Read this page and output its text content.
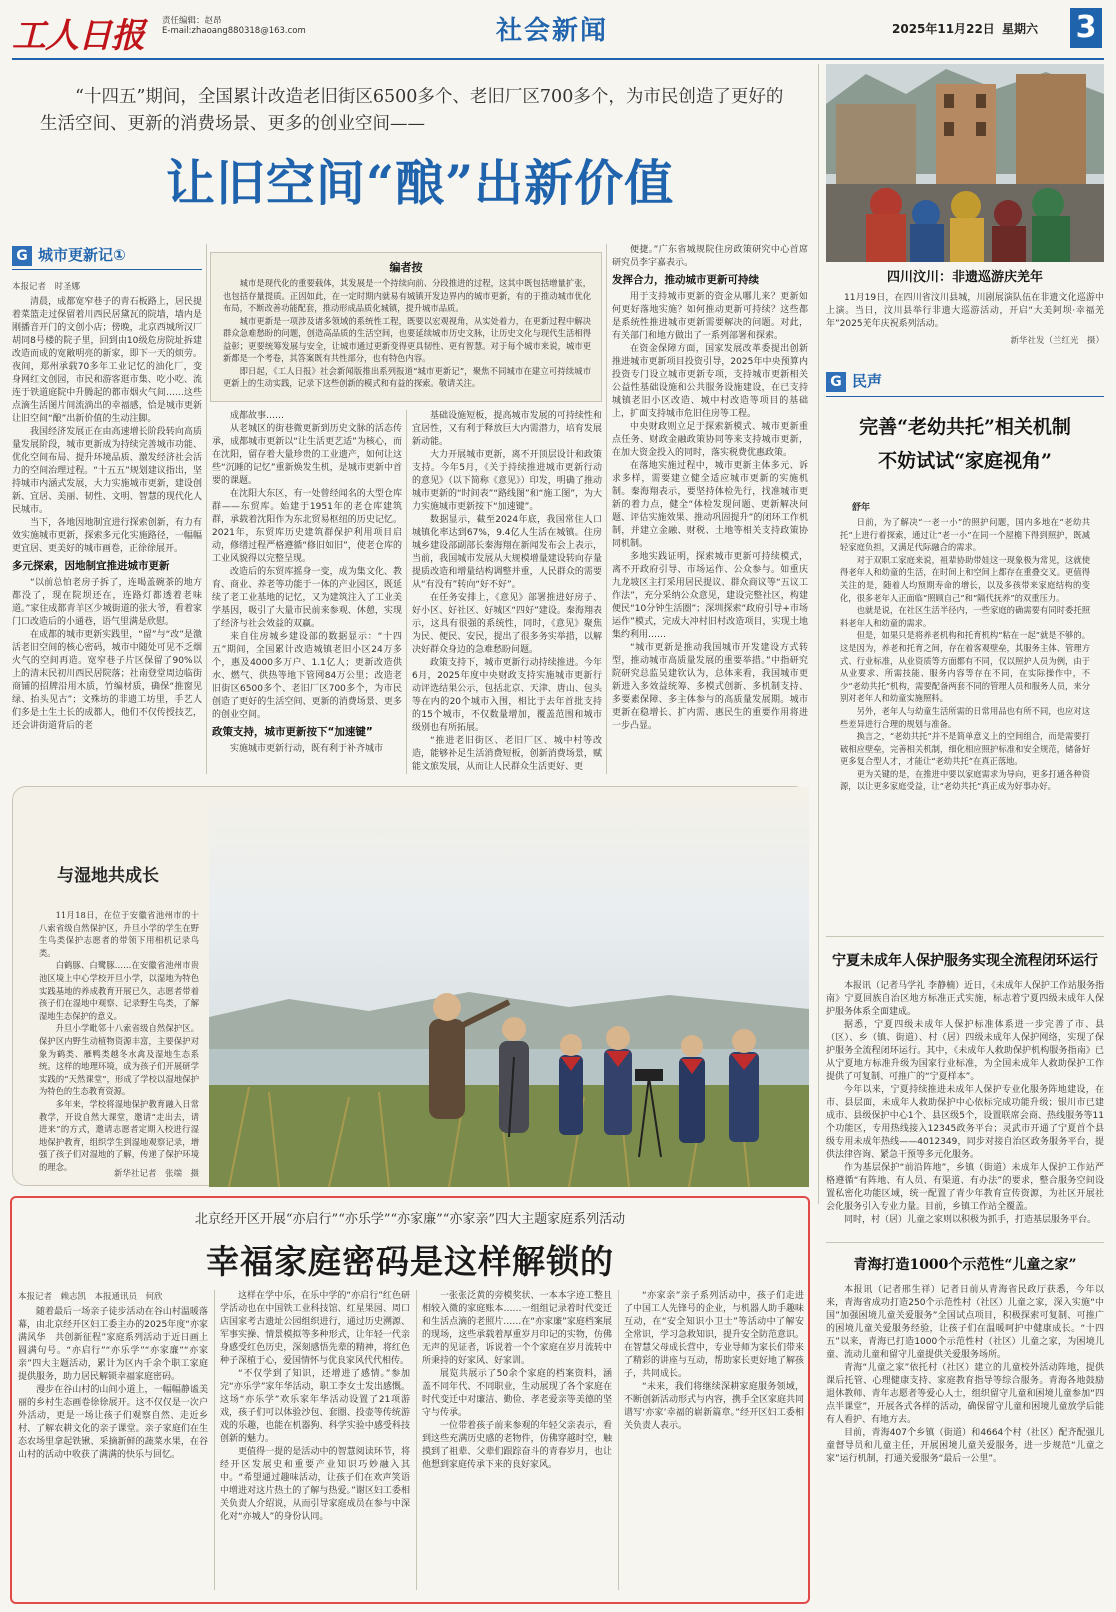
工人日报 责任编辑：赵昂
E-mail:zhaoang880318@163.com	社会新闻	2025年11月22日 星期六 3
“十四五”期间，全国累计改造老旧街区6500多个、老旧厂区700多个，为市民创造了更好的生活空间、更新的消费场景、更多的创业空间——
让旧空间“酿”出新价值
G 城市更新记①
编者按

城市是现代化的重要载体，其发展是一个持续向前、分段推进的过程，这其中既包括增量扩张，也包括存量提质。正因如此，在一定时期内就易有城镇开发边界内的城市更新，有的于推动城市优化布局，不断改善功能配套，推动形成品质化城镇，提升城市品质。

城市更新是一项涉及诸多领域的系统性工程，既要以宏观视角，从实处着力，在更新过程中解决群众急难愁盼的问题，创造高品质的生活空间，也要延续城市历史文脉，让历史文化与现代生活相得益彰；更要统筹发展与安全，让城市通过更新变得更具韧性、更有智慧。对于每个城市来说，城市更新都是一个考卷，其答案既有共性部分，也有特色内容。

即日起，《工人日报》社会新闻版推出系列报道“城市更新记”，聚焦不同城市在建立可持续城市更新上的生动实践，记录下这些创新的模式和有益的探索。敬请关注。

本报记者　时圣娜

清晨，成都宽窄巷子的青石板路上，居民提着菜篮走过保留着川西民居黛瓦的院墙，墙内是刚播音开门的文创小店；傍晚，北京西城所汉厂胡同8号楼的院子里，回到由10级危房院址拆建改造而成的宽敞明亮的新家，即下一天的烦劳。夜间，郑州承载70多年工业记忆的油化厂，变身网红文创园，市民和游客逛市集、吃小吃、流连于铁道庭院中升腾起的都市烟火气间……这些点滴生活图片间流淌出的幸福感，恰是城市更新让旧空间“酿”出新价值的生动注脚。

我国经济发展正在由高速增长阶段转向高质量发展阶段，城市更新成为持续完善城市功能、优化空间布局、提升环境品质、激发经济社会活力的空间治理过程。“十五五”规划建议指出，坚持城市内涵式发展，大力实施城市更新，建设创新、宜居、美丽、韧性、文明、智慧的现代化人民城市。

当下，各地因地制宜进行探索创新，有力有效实施城市更新，探索多元化实施路径，一幅幅更宜居、更美好的城市画卷，正徐徐展开。

多元探索，因地制宜推进城市更新

“以前总怕老房子拆了，连喝盖碗茶的地方都没了，现在院坝还在，连路灯都透着老味道。”家住成都青羊区少城街道的张大爷，看着家门口改造后的小通巷，语气里满是欣慰。

在成都的城市更新实践里，“留”与“改”是激活老旧空间的核心密码，城市中随处可见不乏烟火气的空间再造。宽窄巷子片区保留了90%以上的清末民初川西民居院落；社南登堂周边临街商铺的招牌沿用木质，竹编材质，确保“推窗见绿、抬头见古”；文殊坊的非遗工坊里，手艺人们多是土生土长的成都人，他们不仅传授技艺，还会讲街道背后的老

成都故事……

从老城区的街巷微更新到历史文脉的活态传承，成都城市更新以“让生活更艺适”为核心，而在沈阳，留存着大量珍贵的工业遗产，如何让这些“沉睡的记忆”重新焕发生机，是城市更新中首要的课题。

在沈阳大东区，有一处曾经闻名的大型仓库群——东贸库。始建于1951年的老仓库建筑群，承载着沈阳作为东北贸易枢纽的历史记忆。2021年，东贸库历史建筑群保护利用项目启动，修缮过程严格遵循“修旧如旧”，使老仓库的工业风貌得以完整呈现。

改造后的东贸库摇身一变，成为集文化、教育、商业、养老等功能于一体的产业园区，既延续了老工业基地的记忆，又为建筑注入了工业美学基因，吸引了大量市民前来参观、休憩，实现了经济与社会效益的双赢。

来自住房城乡建设部的数据显示：“十四五”期间，全国累计改造城镇老旧小区24万多个，惠及4000多万户、1.1亿人；更新改造供水、燃气、供热等地下管网84万公里；改造老旧街区6500多个、老旧厂区700多个，为市民创造了更好的生活空间、更新的消费场景、更多的创业空间。

政策支持，城市更新按下“加速键”

实施城市更新行动，既有利于补齐城市

基础设施短板，提高城市发展的可持续性和宜居性，又有利于释放巨大内需潜力，培育发展新动能。

大力开展城市更新，离不开顶层设计和政策支持。今年5月，《关于持续推进城市更新行动的意见》（以下简称《意见》）印发，明确了推动城市更新的“时间表”“路线图”和“施工图”，为大力实施城市更新按下“加速键”。

数据显示，截至2024年底，我国常住人口城镇化率达到67%，9.4亿人生活在城镇。住房城乡建设部副部长秦海翔在新闻发布会上表示，当前，我国城市发展从大规模增量建设转向存量提质改造和增量结构调整并重，人民群众的需要从“有没有”转向“好不好”。

在任务安排上，《意见》部署推进好房子、好小区、好社区、好城区“四好”建设。秦海翔表示，这具有很强的系统性，同时，《意见》聚焦为民、便民、安民，提出了很多务实举措，以解决好群众身边的急难愁盼问题。

政策支持下，城市更新行动持续推进。今年6月，2025年度中央财政支持实施城市更新行动评选结果公示，包括北京、天津、唐山、包头等在内的20个城市入围，相比于去年首批支持的15个城市，不仅数量增加，覆盖范围和城市级别也有所拓展。

“推进老旧街区、老旧厂区、城中村等改造，能够补足生活消费短板，创新消费场景，赋能文旅发展，从而让人民群众生活更好、更

便捷。”广东省城规院住房政策研究中心首席研究员李宇嘉表示。

发挥合力，推动城市更新可持续

用于支持城市更新的资金从哪儿来？更新如何更好落地实施？如何推动更新可持续？这些都是系统性推进城市更新需要解决的问题。对此，有关部门和地方做出了一系列部署和探索。

在资金保障方面，国家发展改革委提出创新推进城市更新项目投资引导，2025年中央预算内投资专门设立城市更新专项，支持城市更新相关公益性基础设施和公共服务设施建设，在已支持城镇老旧小区改造、城中村改造等项目的基础上，扩面支持城市危旧住房等工程。

中央财政则立足于探索新模式、城市更新重点任务、财政金融政策协同等来支持城市更新，在加大资金投入的同时，落实税费优惠政策。

在落地实施过程中，城市更新主体多元、诉求多样，需要建立健全适应城市更新的实施机制。秦海翔表示，要坚持体检先行，找准城市更新的着力点，健全“体检发现问题、更新解决问题、评估实施效果、推动巩固提升”的闭环工作机制，并建立金融、财税、土地等相关支持政策协同机制。

多地实践证明，探索城市更新可持续模式，离不开政府引导、市场运作、公众参与。如重庆九龙坡区主打采用居民提议、群众商议等“五议工作法”，充分采纳公众意见，建设完整社区，构建便民“10分钟生活圈”；深圳探索“政府引导+市场运作”模式，完成大冲村旧村改造项目，实现土地集约利用……

“城市更新是推动我国城市开发建设方式转型，推动城市高质量发展的重要举措。”中指研究院研究总监吴建钦认为，总体来看，我国城市更新进入多效益统筹、多模式创新、多机制支持、多要素保障、多主体参与的高质量发展期。城市更新在稳增长、扩内需、惠民生的重要作用将进一步凸显。

四川汶川：非遗巡游庆羌年

11月19日，在四川省汶川县城，川剧展演队伍在非遗文化巡游中上演。当日，汶川县举行非遗大巡游活动，开启“大美阿坝·幸福羌年”2025羌年庆祝系列活动。

新华社发（兰红光　摄）
G 民声
完善“老幼共托”相关机制
不妨试试“家庭视角”
舒年

日前，为了解决“一老一小”的照护问题，国内多地在“老幼共托”上进行着探索，通过让“老一小”在同一个屋檐下得到照护，既减轻家庭负担，又满足代际融合的需求。

对于双职工家庭来说，祖辈协助带娃这一现象极为常见，这就使得老年人和幼童的生活，在时间上和空间上都存在重叠交叉。更值得关注的是，随着人均预期寿命的增长，以及多孩带来家庭结构的变化，很多老年人正面临“照顾自己”和“隔代抚养”的双重压力。

也就是说，在社区生活半径内，一些家庭的确需要有同时委托照料老年人和幼童的需求。

但是，如果只是将养老机构和托育机构“粘在一起”就是不够的。这是因为，养老和托育之间，存在着客观壁垒，其服务主体、管理方式、行业标准，从业资质等方面都有不同，仅以照护人员为例，由于从业要求、所需技能、服务内容等存在不同，在实际操作中，不少“老幼共托”机构，需要配备两套不同的管理人员和服务人员，来分别对老年人和幼童实施照料。

另外，老年人与幼童生活所需的日常用品也有所不同，也应对这些差异进行合理的规划与准备。

换言之，“老幼共托”并不是简单意义上的空间组合，而是需要打破相应壁垒，完善相关机制，细化相应照护标准和安全规范，储备好更多复合型人才，才能让“老幼共托”在真正落地。

更为关键的是，在推进中要以家庭需求为导向，更多打通各种资源，以让更多家庭受益，让“老幼共托”真正成为好事办好。

宁夏未成年人保护服务实现全流程闭环运行

本报讯（记者马学礼 李静楠）近日，《未成年人保护工作站服务指南》宁夏回族自治区地方标准正式实施，标志着宁夏四级未成年人保护服务体系全面建成。

据悉，宁夏四级未成年人保护标准体系进一步完善了市、县（区）、乡（镇、街道）、村（居）四级未成年人保护网络，实现了保护服务全流程闭环运行。其中，《未成年人救助保护机构服务指南》已从宁夏地方标准升级为国家行业标准，为全国未成年人救助保护工作提供了可复制、可推广的“宁夏样本”。

今年以来，宁夏持续推进未成年人保护专业化服务阵地建设，在市、县层面，未成年人救助保护中心依标完成功能升级；银川市已建成市、县级保护中心1个、县区级5个，设置联席会商、热线服务等11个功能区，专用热线接入12345政务平台；灵武市开通了宁夏首个县级专用未成年热线——4012349，同步对接自治区政务服务平台，提供法律咨询、紧急干预等多元化服务。

作为基层保护“前沿阵地”，乡镇（街道）未成年人保护工作站严格遵循“有阵地、有人员、有渠道、有办法”的要求，整合服务空间设置私密化功能区域，统一配置了青少年教育宣传资源，为社区开展社会化服务引入专业力量。目前，乡镇工作站全覆盖。

同时，村（居）儿童之家则以积极为抓手，打造基层服务平台。

青海打造1000个示范性“儿童之家”

本报讯（记者邢生祥）记者日前从青海省民政厅获悉，今年以来，青海省成功打造250个示范性村（社区）儿童之家，深入实施“中国”加强困境儿童关爱服务”全国试点项目，积极探索可复制、可推广的困境儿童关爱服务经验，让孩子们在温暖呵护中健康成长。“十四五”以来，青海已打造1000个示范性村（社区）儿童之家，为困境儿童、流动儿童和留守儿童提供关爱服务场所。

青海“儿童之家”依托村（社区）建立的儿童校外活动阵地，提供课后托管、心理健康支持、家庭教育指导等综合服务。青海各地鼓励退休教师、青年志愿者等爱心人士，组织留守儿童和困境儿童参加“四点半课堂”，开展各式各样的活动，确保留守儿童和困境儿童放学后能有人看护、有地方去。

目前，青海407个乡镇（街道）和4664个村（社区）配齐配强儿童督导员和儿童主任，开展困境儿童关爱服务，进一步规范“儿童之家”运行机制，打通关爱服务“最后一公里”。

与湿地共成长

11月18日，在位于安徽省池州市的十八索省级自然保护区，升旦小学的学生在野生鸟类保护志愿者的带领下用相机记录鸟类。

白鹤豚、白鹭豚……在安徽省池州市贵池区境上中心学校开旦小学，以湿地为特色实践基地的养成教育开展已久，志愿者带着孩子们在湿地中观察、记录野生鸟类，了解湿地生态保护的意义。

升旦小学毗邻十八索省级自然保护区。保护区内野生动植物资源丰富，主要保护对象为鹤类、雁鸭类越冬水禽及湿地生态系统。这样的地理环境，成为孩子们开展研学实践的“天然课堂”，形成了学校以湿地保护为特色的生态教育资源。

多年来，学校将湿地保护教育融入日常教学，开设自然大课堂，邀请“走出去，请进来”的方式，邀请志愿者定期入校进行湿地保护教育，组织学生到湿地观察记录，增强了孩子们对湿地的了解，传递了保护环境的理念。

新华社记者　张端　摄
北京经开区开展“亦启行”“亦乐学”“亦家廉”“亦家亲”四大主题家庭系列活动
幸福家庭密码是这样解锁的
本报记者　赖志凯　本报通讯员　何欣

随着最后一场亲子徒步活动在谷山村温暖落幕，由北京经开区妇工委主办的2025年度“亦家满风华　共创新征程”家庭系列活动于近日画上圆满句号。“亦启行”“亦乐学”“亦家廉”“亦家亲”四大主题活动，累计为区内千余个职工家庭提供服务，助力居民解锁幸福家庭密码。

漫步在谷山村的山间小道上，一幅幅静谧美丽的乡村生态画卷徐徐展开。这不仅仅是一次户外活动，更是一场让孩子们观察自然、走近乡村、了解农耕文化的亲子课堂。亲子家庭们在生态农场里拿起铁锹、采摘新鲜的蔬菜水果，在谷山村的活动中收获了满满的快乐与回忆。

这样在学中乐，在乐中学的“亦启行”红色研学活动也在中国铁工业科技馆、红星果园、周口店国家考古遗址公园组织进行，通过历史溯源、军事实操、情景模拟等多种形式，让年轻一代亲身感受红色历史，深刻感悟先辈的精神，将红色种子深植于心，爱国情怀与优良家风代代相传。

“不仅学到了知识，还增进了感情。”参加完“亦乐学”家年华活动，职工李女士发出感慨。这场“亦乐学”欢乐家年华活动设置了21项游戏，孩子们可以体验沙包、套圈、投壶等传统游戏的乐趣，也能在机器狗、科学实验中感受科技创新的魅力。

更值得一提的是活动中的智慧阅读环节，将经开区发展史和重要产业知识巧妙融入其中。“希望通过趣味活动，让孩子们在欢声笑语中增进对这片热土的了解与热爱。”谢区妇工委相关负责人介绍说，从而引导家庭成员在参与中深化对“亦城人”的身份认同。

一张张泛黄的旁模奖状、一本本字迹工整且相较入微的家庭账本……一组组记录着时代变迁和生活点滴的老照片……在“亦家廉”家庭档案展的现场，这些承载着厚重岁月印记的实物，仿佛无声的见证者，诉说着一个个家庭在岁月流转中所秉持的好家风、好家训。

展览共展示了50余个家庭的档案资料，涵盖不同年代、不同职业，生动展现了各个家庭在时代变迁中对廉洁、勤俭、孝老爱亲等美德的坚守与传承。

一位带着孩子前来参观的年轻父亲表示，看到这些充满历史感的老物件，仿佛穿越时空，触摸到了祖辈、父辈们跟踪奋斗的青春岁月，也让他想到家庭传承下来的良好家风。

“亦家亲”亲子系列活动中，孩子们走进了中国工人先锋号的企业，与机器人助手趣味互动，在“安全知识小卫士”等活动中了解安全常识，学习急救知识，提升安全防范意识。在智慧父母成长营中，专业导师为家长们带来了精彩的讲座与互动，帮助家长更好地了解孩子，共同成长。

“未来，我们将继续深耕家庭服务领域，不断创新活动形式与内容，携手全区家庭共同谱写‘亦家’幸福的崭新篇章。”经开区妇工委相关负责人表示。
